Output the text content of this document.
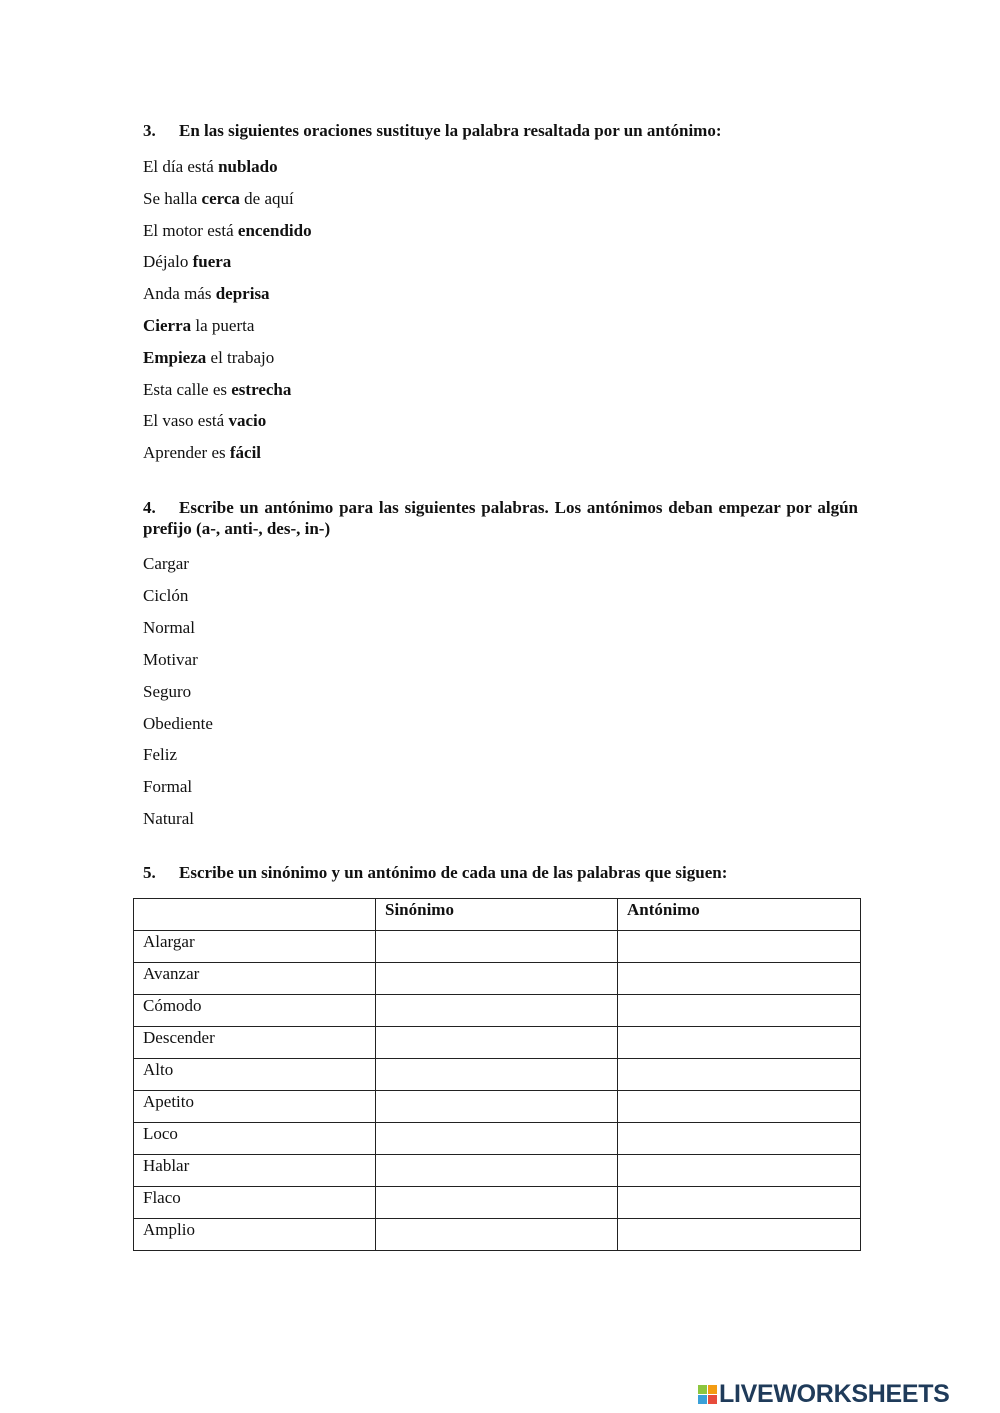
3. En las siguientes oraciones sustituye la palabra resaltada por un antónimo:

El día está nublado

Se halla cerca de aquí

El motor está encendido

Déjalo fuera

Anda más deprisa

Cierra la puerta

Empieza el trabajo

Esta calle es estrecha

El vaso está vacio

Aprender es fácil

4. Escribe un antónimo para las siguientes palabras. Los antónimos deban empezar por algún prefijo (a-, anti-, des-, in-)

Cargar

Ciclón

Normal

Motivar

Seguro

Obediente

Feliz

Formal

Natural

5. Escribe un sinónimo y un antónimo de cada una de las palabras que siguen:

	Sinónimo	Antónimo
Alargar		
Avanzar		
Cómodo		
Descender		
Alto		
Apetito		
Loco		
Hablar		
Flaco		
Amplio		
LIVEWORKSHEETS
